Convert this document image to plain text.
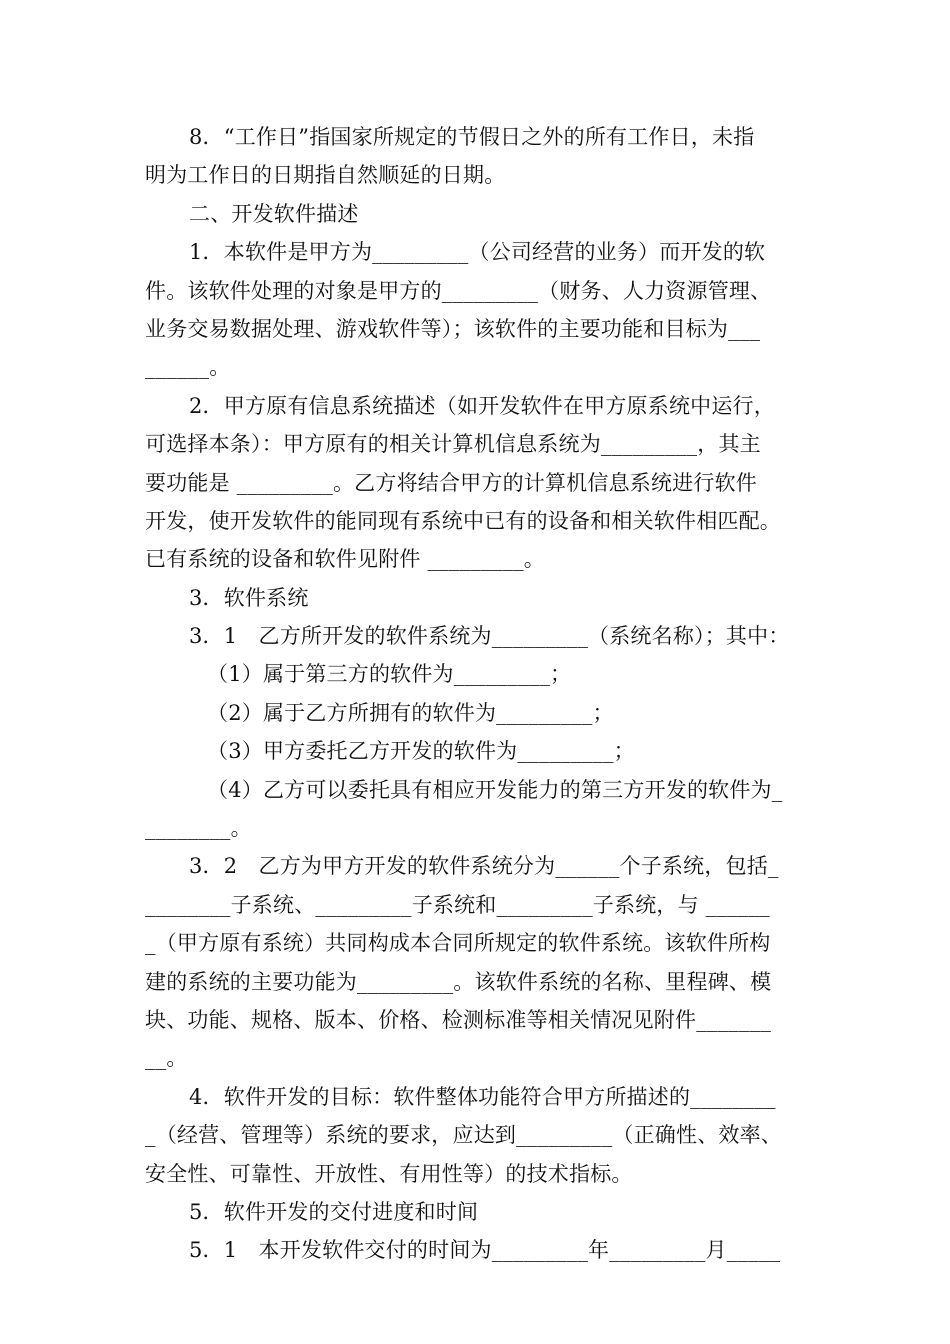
8．“工作日”指国家所规定的节假日之外的所有工作日，未指
明为工作日的日期指自然顺延的日期。
二、开发软件描述
1．本软件是甲方为_________（公司经营的业务）而开发的软
件。该软件处理的对象是甲方的_________（财务、人力资源管理、
业务交易数据处理、游戏软件等）；该软件的主要功能和目标为___
______。
2．甲方原有信息系统描述（如开发软件在甲方原系统中运行，
可选择本条）：甲方原有的相关计算机信息系统为_________，其主
要功能是 _________。乙方将结合甲方的计算机信息系统进行软件
开发，使开发软件的能同现有系统中已有的设备和相关软件相匹配。
已有系统的设备和软件见附件 _________。
3．软件系统
3．1　乙方所开发的软件系统为_________（系统名称）；其中：
（1）属于第三方的软件为_________；
（2）属于乙方所拥有的软件为_________；
（3）甲方委托乙方开发的软件为_________；
（4）乙方可以委托具有相应开发能力的第三方开发的软件为_
________。
3．2　乙方为甲方开发的软件系统分为______个子系统，包括_
________子系统、_________子系统和_________子系统，与 ______
_（甲方原有系统）共同构成本合同所规定的软件系统。该软件所构
建的系统的主要功能为_________。该软件系统的名称、里程碑、模
块、功能、规格、版本、价格、检测标准等相关情况见附件_______
__。
4．软件开发的目标：软件整体功能符合甲方所描述的________
_（经营、管理等）系统的要求，应达到_________（正确性、效率、
安全性、可靠性、开放性、有用性等）的技术指标。
5．软件开发的交付进度和时间
5．1　本开发软件交付的时间为_________年_________月_____
